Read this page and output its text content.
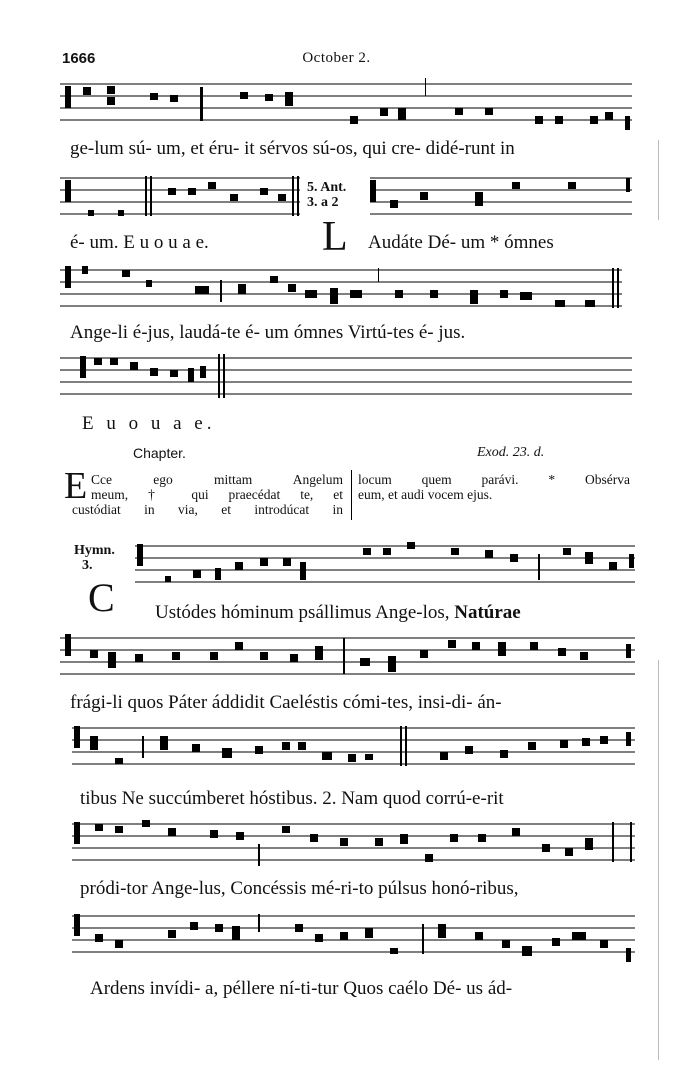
1666	October 2.
ge-lum sú- um, et éru- it sérvos sú-os, qui cre- didé-runt in
5. Ant.
3. a 2
é- um. E u o u a e.	L Audáte Dé- um * ómnes
Ange-li é-jus, laudá-te é- um ómnes Virtú-tes é- jus.
E u o u a e.
Chapter.	Exod. 23. d.
E Cce ego mittam Angelum
meum, † qui praecédat te, et
custódiat in via, et introdúcat in
locum quem parávi. * Obsérva
eum, et audi vocem ejus.
Hymn.
3.
C Ustódes hóminum psállimus Ange-los, Natúrae
frági-li quos Páter áddidit Caeléstis cómi-tes, insi-di- án-
tibus Ne succúmberet hóstibus. 2. Nam quod corrú-e-rit
pródi-tor Ange-lus, Concéssis mé-ri-to púlsus honó-ribus,
Ardens invídi- a, péllere ní-ti-tur Quos caélo Dé- us ád-
